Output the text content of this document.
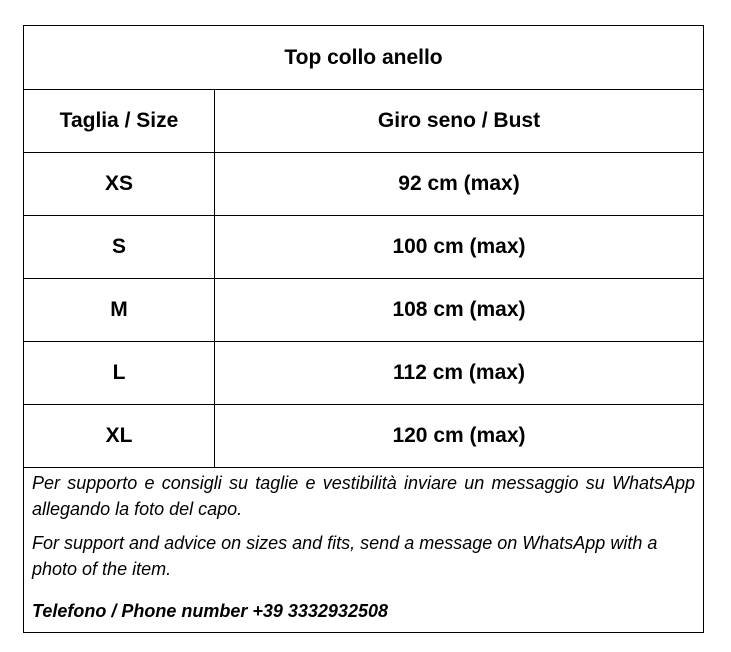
Top collo anello
Taglia / Size	Giro seno / Bust
XS	92 cm (max)
S	100 cm (max)
M	108 cm (max)
L	112 cm (max)
XL	120 cm (max)

Per supporto e consigli su taglie e vestibilità inviare un messaggio su WhatsApp allegando la foto del capo.

For support and advice on sizes and fits, send a message on WhatsApp with a photo of the item.

Telefono / Phone number +39 3332932508
